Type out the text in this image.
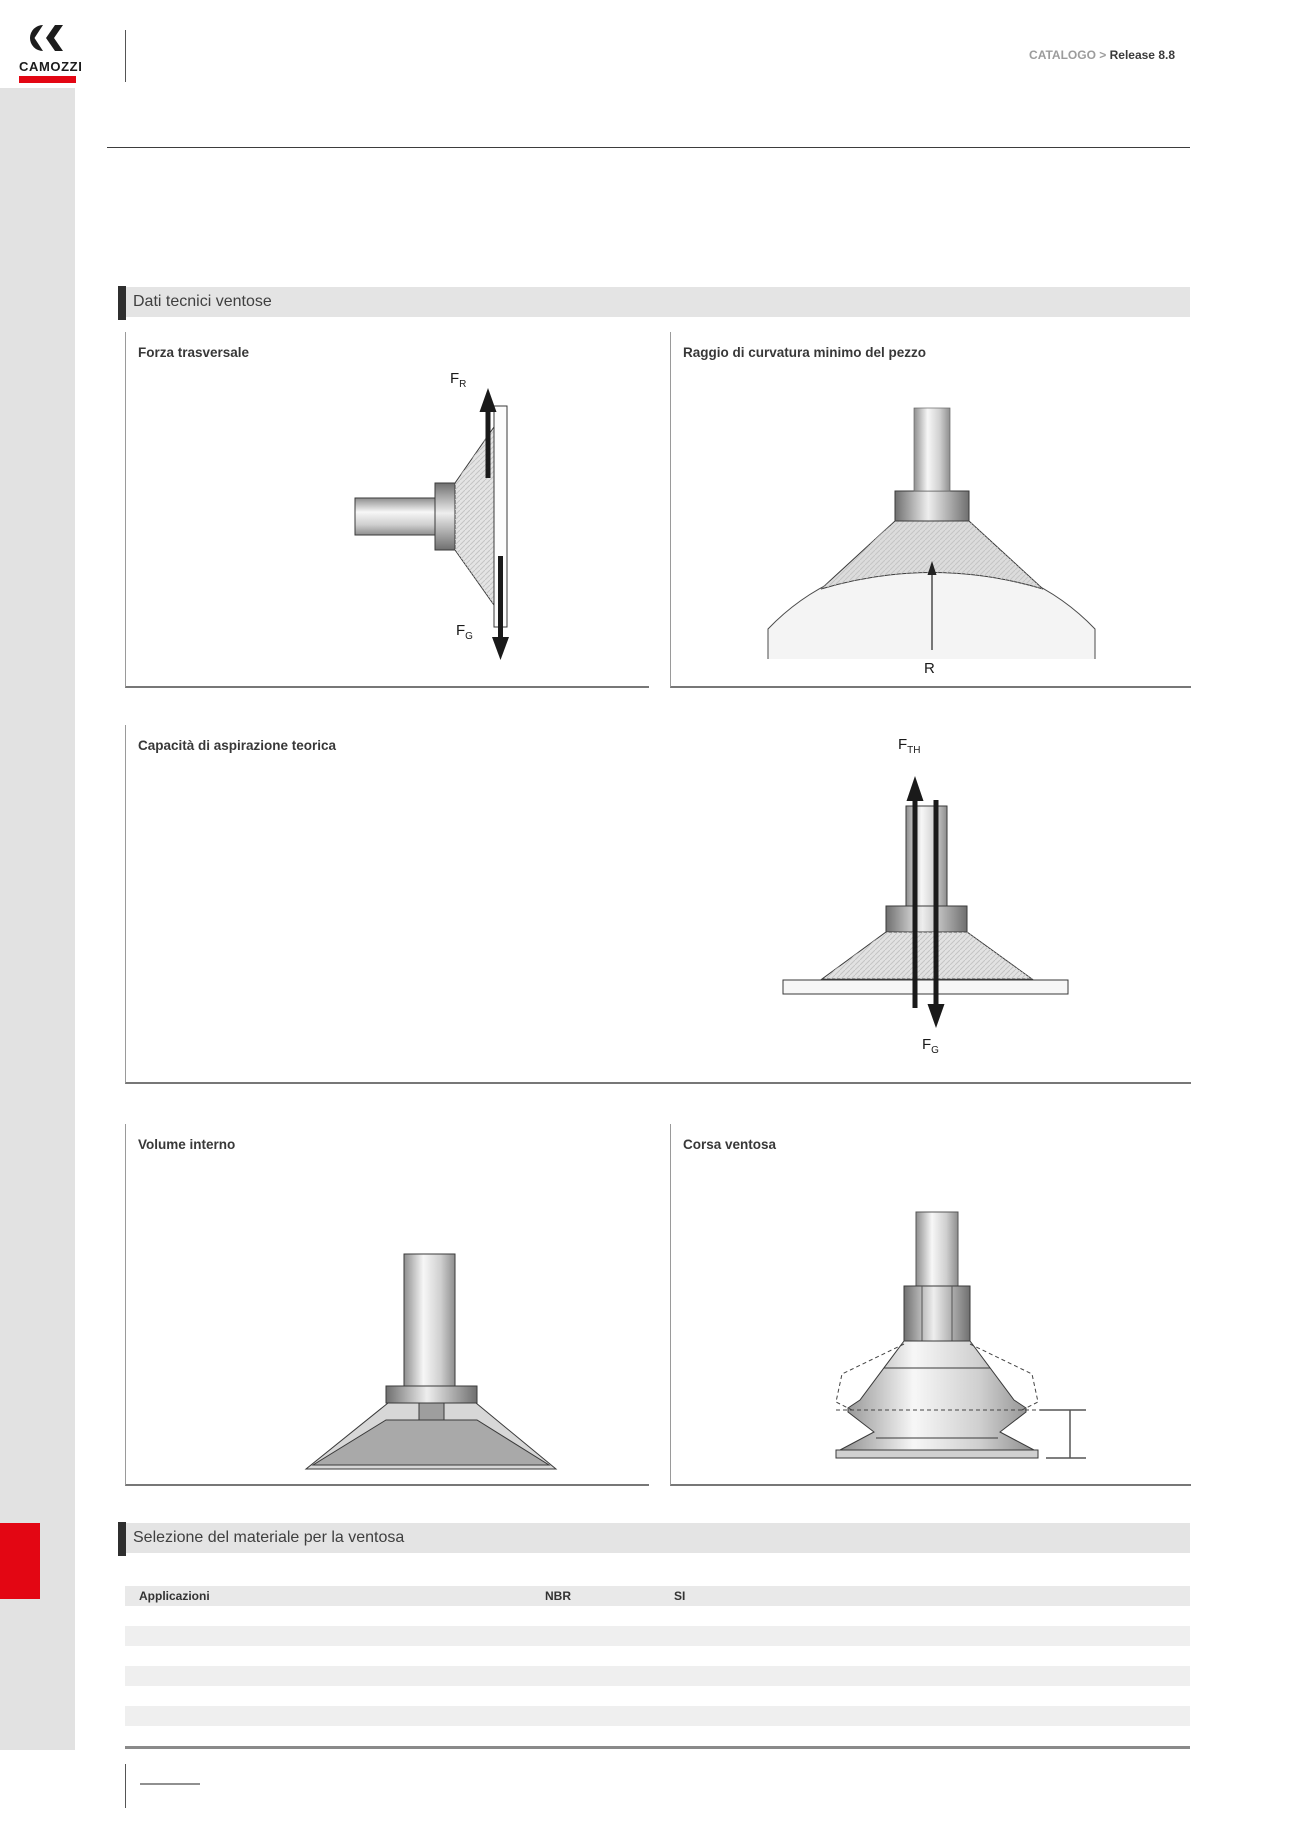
CAMOZZI
CATALOGO > Release 8.8
Dati tecnici ventose
Forza trasversale	Raggio di curvatura minimo del pezzo
Capacità di aspirazione teorica
Volume interno	Corsa ventosa
$F_R$
$F_G$
R
$F_{TH}$
$F_G$
Selezione del materiale per la ventosa
Applicazioni	NBR	SI
